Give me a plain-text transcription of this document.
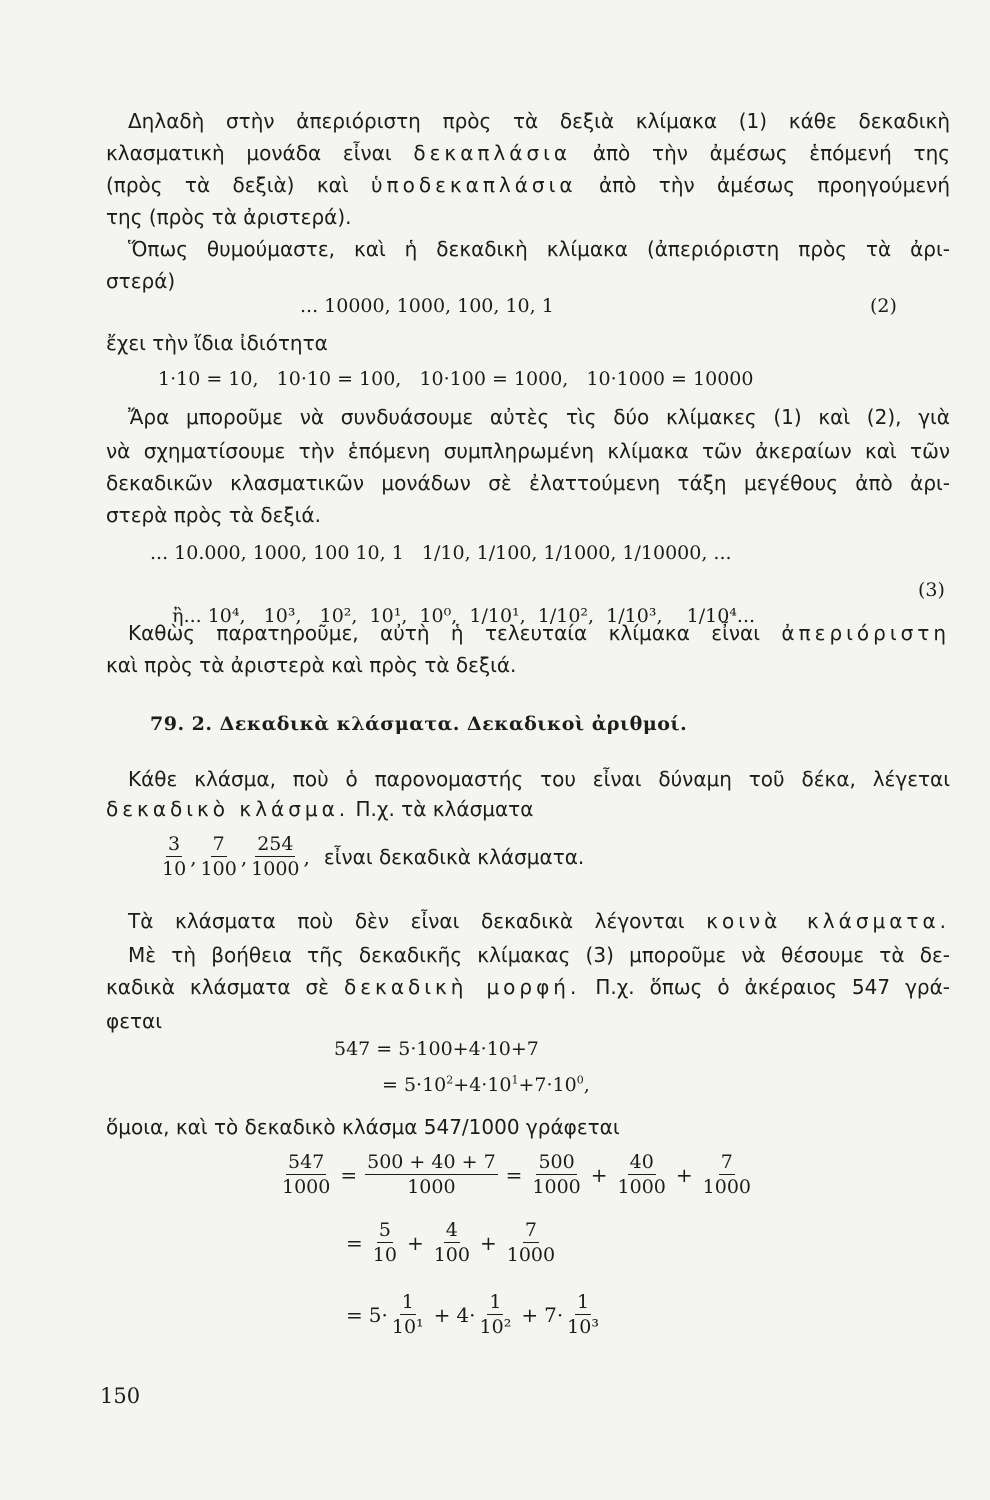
Δηλαδὴ στὴν ἀπεριόριστη πρὸς τὰ δεξιὰ κλίμακα (1) κάθε δεκαδικὴ
κλασματικὴ μονάδα εἶναι δεκαπλάσια ἀπὸ τὴν ἀμέσως ἑπόμενή της
(πρὸς τὰ δεξιὰ) καὶ ὑποδεκαπλάσια ἀπὸ τὴν ἀμέσως προηγούμενή
της (πρὸς τὰ ἀριστερά).
Ὅπως θυμούμαστε, καὶ ἡ δεκαδικὴ κλίμακα (ἀπεριόριστη πρὸς τὰ ἀρι-
στερά)
... 10000, 1000, 100, 10, 1	(2)
ἔχει τὴν ἴδια ἰδιότητα
1·10 = 10,   10·10 = 100,   10·100 = 1000,   10·1000 = 10000
Ἄρα μποροῦμε νὰ συνδυάσουμε αὐτὲς τὶς δύο κλίμακες (1) καὶ (2), γιὰ
νὰ σχηματίσουμε τὴν ἑπόμενη συμπληρωμένη κλίμακα τῶν ἀκεραίων καὶ τῶν
δεκαδικῶν κλασματικῶν μονάδων σὲ ἐλαττούμενη τάξη μεγέθους ἀπὸ ἀρι-
στερὰ πρὸς τὰ δεξιά.
... 10.000, 1000, 100 10, 1   1/10, 1/100, 1/1000, 1/10000, ...

ἢ... 10⁴,   10³,   10²,  10¹,  10⁰,  1/10¹,  1/10²,  1/10³,    1/10⁴...

(3)
Καθὼς παρατηροῦμε, αὐτὴ ἡ τελευταία κλίμακα εἶναι ἀπεριόριστη
καὶ πρὸς τὰ ἀριστερὰ καὶ πρὸς τὰ δεξιά.
79. 2. Δεκαδικὰ κλάσματα. Δεκαδικοὶ ἀριθμοί.
Κάθε κλάσμα, ποὺ ὁ παρονομαστής του εἶναι δύναμη τοῦ δέκα, λέγεται
δεκαδικὸ κλάσμα. Π.χ. τὰ κλάσματα
$\frac{3}{10}$ , $\frac{7}{100}$ , $\frac{254}{1000}$ , εἶναι δεκαδικὰ κλάσματα.
Τὰ κλάσματα ποὺ δὲν εἶναι δεκαδικὰ λέγονται κοινὰ κλάσματα.
Μὲ τὴ βοήθεια τῆς δεκαδικῆς κλίμακας (3) μποροῦμε νὰ θέσουμε τὰ δε-
καδικὰ κλάσματα σὲ δεκαδικὴ μορφή. Π.χ. ὅπως ὁ ἀκέραιος 547 γρά-
φεται
547 = 5·100+4·10+7
= $5\cdot 10^2+4\cdot 10^1+7\cdot 10^0$,
ὅμοια, καὶ τὸ δεκαδικὸ κλάσμα 547/1000 γράφεται
$\frac{547}{1000} = \frac{500 + 40 + 7}{1000} = \frac{500}{1000} + \frac{40}{1000} + \frac{7}{1000}$
= $\frac{5}{10} + \frac{4}{100} + \frac{7}{1000}$
= $5 \cdot \frac{1}{\text{10¹}} + 4 \cdot \frac{1}{\text{10²}} + 7 \cdot \frac{1}{\text{10³}}$
150
